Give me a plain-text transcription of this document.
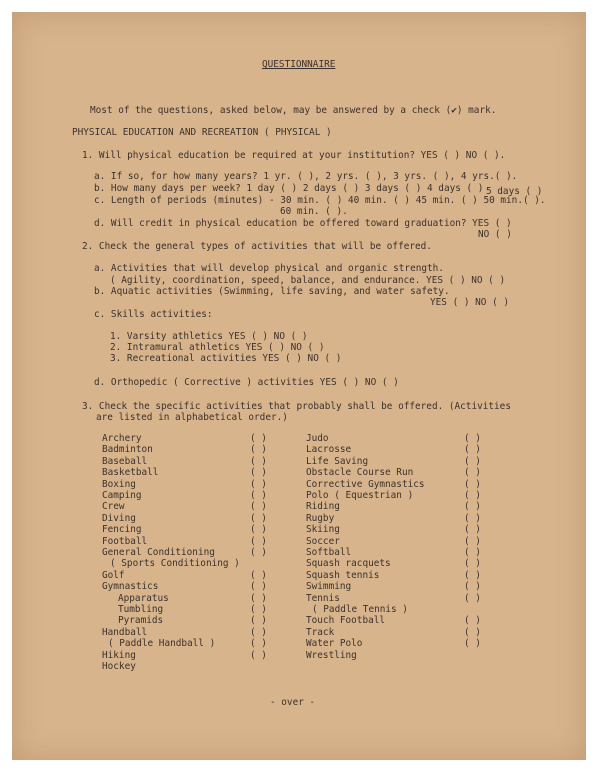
QUESTIONNAIRE
Most of the questions, asked below, may be answered by a check (✔) mark.
PHYSICAL EDUCATION AND RECREATION ( PHYSICAL )
1. Will physical education be required at your institution? YES ( ) NO ( ).
a. If so, for how many years? 1 yr. ( ), 2 yrs. ( ), 3 yrs. ( ), 4 yrs.( ).
b. How many days per week? 1 day ( ) 2 days ( ) 3 days ( ) 4 days ( ) 5 days ( )
c. Length of periods (minutes) - 30 min. ( ) 40 min. ( ) 45 min. ( ) 50 min.( ).
60 min. ( ).
d. Will credit in physical education be offered toward graduation? YES ( )
NO ( )
2. Check the general types of activities that will be offered.
a. Activities that will develop physical and organic strength.
( Agility, coordination, speed, balance, and endurance. YES ( ) NO ( )
b. Aquatic activities (Swimming, life saving, and water safety.
YES ( ) NO ( )
c. Skills activities:
1. Varsity athletics YES ( ) NO ( )
2. Intramural athletics YES ( ) NO ( )
3. Recreational activities YES ( ) NO ( )
d. Orthopedic ( Corrective ) activities YES ( ) NO ( )
3. Check the specific activities that probably shall be offered. (Activities
are listed in alphabetical order.)
- over -
Archery	( )
Badminton	( )
Baseball	( )
Basketball	( )
Boxing	( )
Camping	( )
Crew	( )
Diving	( )
Fencing	( )
Football	( )
General Conditioning	( )
( Sports Conditioning )
Golf	( )
Gymnastics	( )
Apparatus	( )
Tumbling	( )
Pyramids	( )
Handball	( )
( Paddle Handball )	( )
Hiking	( )
Hockey
Judo	( )
Lacrosse	( )
Life Saving	( )
Obstacle Course Run	( )
Corrective Gymnastics	( )
Polo ( Equestrian )	( )
Riding	( )
Rugby	( )
Skiing	( )
Soccer	( )
Softball	( )
Squash racquets	( )
Squash tennis	( )
Swimming	( )
Tennis	( )
( Paddle Tennis )
Touch Football	( )
Track	( )
Water Polo	( )
Wrestling
